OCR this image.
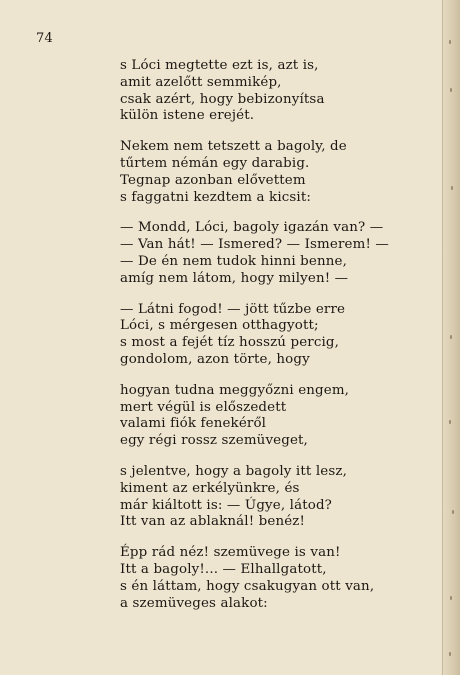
74
s Lóci megtette ezt is, azt is,
amit azelőtt semmikép,
csak azért, hogy bebizonyítsa
külön istene erejét.
Nekem nem tetszett a bagoly, de
tűrtem némán egy darabig.
Tegnap azonban elővettem
s faggatni kezdtem a kicsit:
— Mondd, Lóci, bagoly igazán van? —
— Van hát! — Ismered? — Ismerem! —
— De én nem tudok hinni benne,
amíg nem látom, hogy milyen! —
— Látni fogod! — jött tűzbe erre
Lóci, s mérgesen otthagyott;
s most a fejét tíz hosszú percig,
gondolom, azon törte, hogy
hogyan tudna meggyőzni engem,
mert végül is előszedett
valami fiók fenekéről
egy régi rossz szemüveget,
s jelentve, hogy a bagoly itt lesz,
kiment az erkélyünkre, és
már kiáltott is: — Úgye, látod?
Itt van az ablaknál! benéz!
Épp rád néz! szemüvege is van!
Itt a bagoly!... — Elhallgatott,
s én láttam, hogy csakugyan ott van,
a szemüveges alakot:
